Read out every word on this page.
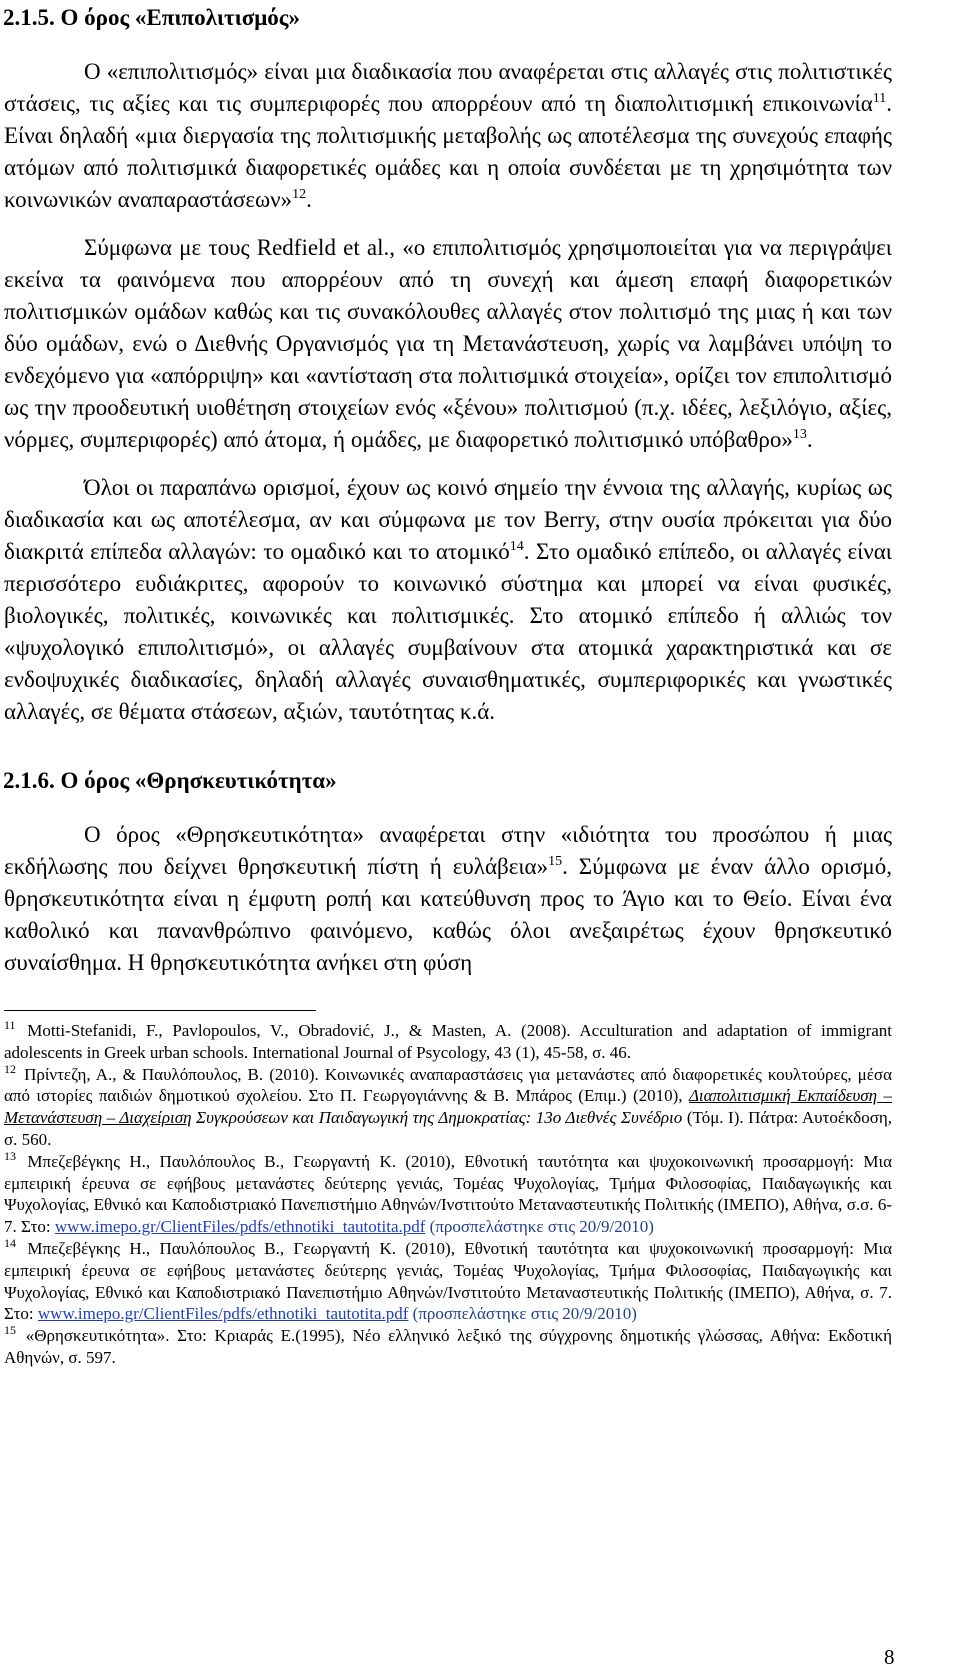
2.1.5. Ο όρος «Επιπολιτισμός»

Ο «επιπολιτισμός» είναι μια διαδικασία που αναφέρεται στις αλλαγές στις πολιτιστικές στάσεις, τις αξίες και τις συμπεριφορές που απορρέουν από τη διαπολιτισμική επικοινωνία$^{11}$. Είναι δηλαδή «μια διεργασία της πολιτισμικής μεταβολής ως αποτέλεσμα της συνεχούς επαφής ατόμων από πολιτισμικά διαφορετικές ομάδες και η οποία συνδέεται με τη χρησιμότητα των κοινωνικών αναπαραστάσεων»$^{12}$.

Σύμφωνα με τους Redfield et al., «ο επιπολιτισμός χρησιμοποιείται για να περιγράψει εκείνα τα φαινόμενα που απορρέουν από τη συνεχή και άμεση επαφή διαφορετικών πολιτισμικών ομάδων καθώς και τις συνακόλουθες αλλαγές στον πολιτισμό της μιας ή και των δύο ομάδων, ενώ ο Διεθνής Οργανισμός για τη Μετανάστευση, χωρίς να λαμβάνει υπόψη το ενδεχόμενο για «απόρριψη» και «αντίσταση στα πολιτισμικά στοιχεία», ορίζει τον επιπολιτισμό ως την προοδευτική υιοθέτηση στοιχείων ενός «ξένου» πολιτισμού (π.χ. ιδέες, λεξιλόγιο, αξίες, νόρμες, συμπεριφορές) από άτομα, ή ομάδες, με διαφορετικό πολιτισμικό υπόβαθρο»$^{13}$.

Όλοι οι παραπάνω ορισμοί, έχουν ως κοινό σημείο την έννοια της αλλαγής, κυρίως ως διαδικασία και ως αποτέλεσμα, αν και σύμφωνα με τον Berry, στην ουσία πρόκειται για δύο διακριτά επίπεδα αλλαγών: το ομαδικό και το ατομικό$^{14}$. Στο ομαδικό επίπεδο, οι αλλαγές είναι περισσότερο ευδιάκριτες, αφορούν το κοινωνικό σύστημα και μπορεί να είναι φυσικές, βιολογικές, πολιτικές, κοινωνικές και πολιτισμικές. Στο ατομικό επίπεδο ή αλλιώς τον «ψυχολογικό επιπολιτισμό», οι αλλαγές συμβαίνουν στα ατομικά χαρακτηριστικά και σε ενδοψυχικές διαδικασίες, δηλαδή αλλαγές συναισθηματικές, συμπεριφορικές και γνωστικές αλλαγές, σε θέματα στάσεων, αξιών, ταυτότητας κ.ά.

2.1.6. Ο όρος «Θρησκευτικότητα»

Ο όρος «Θρησκευτικότητα» αναφέρεται στην «ιδιότητα του προσώπου ή μιας εκδήλωσης που δείχνει θρησκευτική πίστη ή ευλάβεια»$^{15}$. Σύμφωνα με έναν άλλο ορισμό, θρησκευτικότητα είναι η έμφυτη ροπή και κατεύθυνση προς το Άγιο και το Θείο. Είναι ένα καθολικό και πανανθρώπινο φαινόμενο, καθώς όλοι ανεξαιρέτως έχουν θρησκευτικό συναίσθημα. Η θρησκευτικότητα ανήκει στη φύση

$^{11}$ Motti-Stefanidi, F., Pavlopoulos, V., Obradović, J., & Masten, A. (2008). Acculturation and adaptation of immigrant adolescents in Greek urban schools. International Journal of Psycology, 43 (1), 45-58, σ. 46.

$^{12}$ Πρίντεζη, Α., & Παυλόπουλος, Β. (2010). Κοινωνικές αναπαραστάσεις για μετανάστες από διαφορετικές κουλτούρες, μέσα από ιστορίες παιδιών δημοτικού σχολείου. Στο Π. Γεωργογιάννης & Β. Μπάρος (Επιμ.) (2010), Διαπολιτισμική Εκπαίδευση – Μετανάστευση – Διαχείριση Συγκρούσεων και Παιδαγωγική της Δημοκρατίας: 13ο Διεθνές Συνέδριο (Τόμ. Ι). Πάτρα: Αυτοέκδοση, σ. 560.

$^{13}$ Μπεζεβέγκης Η., Παυλόπουλος Β., Γεωργαντή Κ. (2010), Εθνοτική ταυτότητα και ψυχοκοινωνική προσαρμογή: Μια εμπειρική έρευνα σε εφήβους μετανάστες δεύτερης γενιάς, Τομέας Ψυχολογίας, Τμήμα Φιλοσοφίας, Παιδαγωγικής και Ψυχολογίας, Εθνικό και Καποδιστριακό Πανεπιστήμιο Αθηνών/Ινστιτούτο Μεταναστευτικής Πολιτικής (ΙΜΕΠΟ), Αθήνα, σ.σ. 6-7. Στο: www.imepo.gr/ClientFiles/pdfs/ethnotiki_tautotita.pdf (προσπελάστηκε στις 20/9/2010)

$^{14}$ Μπεζεβέγκης Η., Παυλόπουλος Β., Γεωργαντή Κ. (2010), Εθνοτική ταυτότητα και ψυχοκοινωνική προσαρμογή: Μια εμπειρική έρευνα σε εφήβους μετανάστες δεύτερης γενιάς, Τομέας Ψυχολογίας, Τμήμα Φιλοσοφίας, Παιδαγωγικής και Ψυχολογίας, Εθνικό και Καποδιστριακό Πανεπιστήμιο Αθηνών/Ινστιτούτο Μεταναστευτικής Πολιτικής (ΙΜΕΠΟ), Αθήνα, σ. 7. Στο: www.imepo.gr/ClientFiles/pdfs/ethnotiki_tautotita.pdf (προσπελάστηκε στις 20/9/2010)

$^{15}$ «Θρησκευτικότητα». Στο: Κριαράς Ε.(1995), Νέο ελληνικό λεξικό της σύγχρονης δημοτικής γλώσσας, Αθήνα: Εκδοτική Αθηνών, σ. 597.

8
